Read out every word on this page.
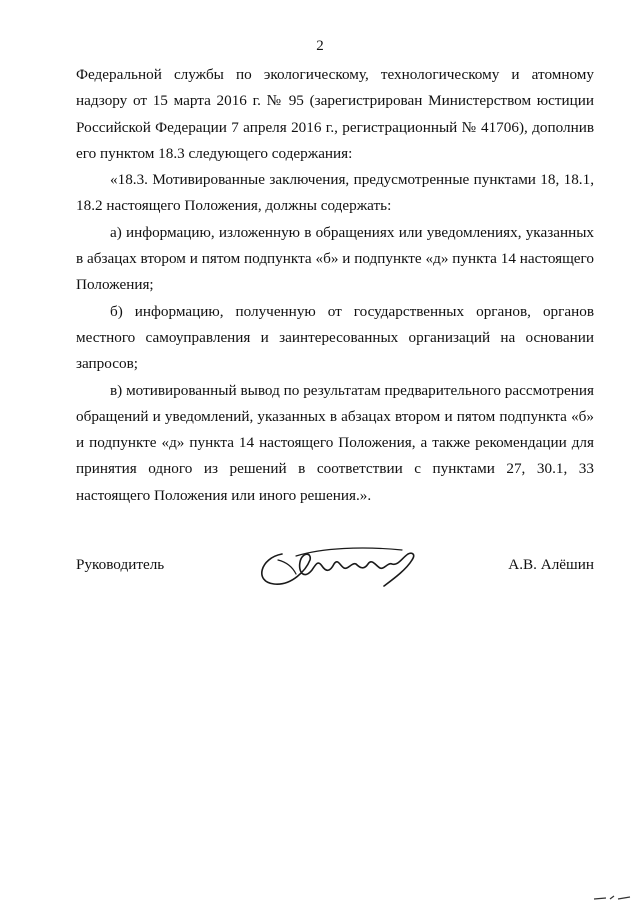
2

Федеральной службы по экологическому, технологическому и атомному надзору от 15 марта 2016 г. № 95 (зарегистрирован Министерством юстиции Российской Федерации 7 апреля 2016 г., регистрационный № 41706), дополнив его пунктом 18.3 следующего содержания:

«18.3. Мотивированные заключения, предусмотренные пунктами 18, 18.1, 18.2 настоящего Положения, должны содержать:

а) информацию, изложенную в обращениях или уведомлениях, указанных в абзацах втором и пятом подпункта «б» и подпункте «д» пункта 14 настоящего Положения;

б) информацию, полученную от государственных органов, органов местного самоуправления и заинтересованных организаций на основании запросов;

в) мотивированный вывод по результатам предварительного рассмотрения обращений и уведомлений, указанных в абзацах втором и пятом подпункта «б» и подпункте «д» пункта 14 настоящего Положения, а также рекомендации для принятия одного из решений в соответствии с пунктами 27, 30.1, 33 настоящего Положения или иного решения.».

Руководитель	А.В. Алёшин
